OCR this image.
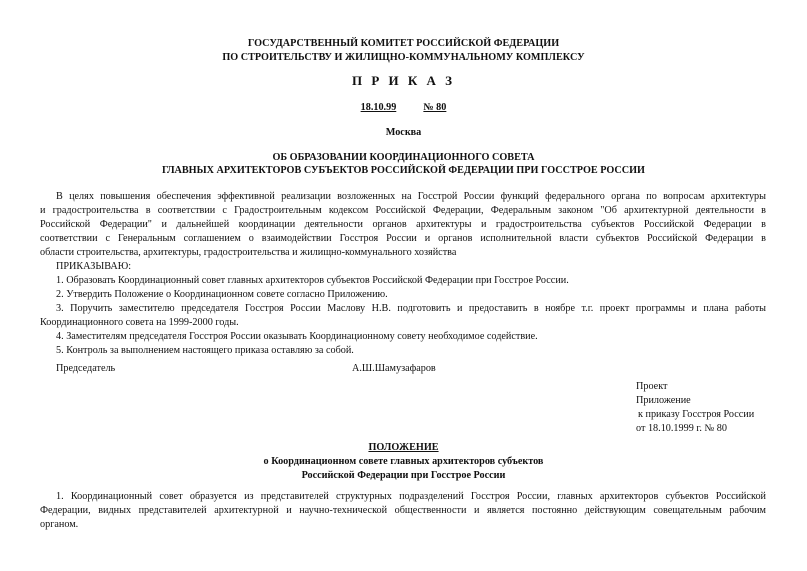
ГОСУДАРСТВЕННЫЙ КОМИТЕТ РОССИЙСКОЙ ФЕДЕРАЦИИ
ПО СТРОИТЕЛЬСТВУ И ЖИЛИЩНО-КОММУНАЛЬНОМУ КОМПЛЕКСУ
П Р И К А З
18.10.99	№ 80
Москва
ОБ ОБРАЗОВАНИИ КООРДИНАЦИОННОГО СОВЕТА
ГЛАВНЫХ АРХИТЕКТОРОВ СУБЪЕКТОВ РОССИЙСКОЙ ФЕДЕРАЦИИ ПРИ ГОССТРОЕ РОССИИ
В целях повышения обеспечения эффективной реализации возложенных на Госстрой России функций федерального органа по вопросам архитектуры
и градостроительства в соответствии с Градостроительным кодексом Российской Федерации, Федеральным законом "Об архитектурной деятельности в
Российской Федерации" и дальнейшей координации деятельности органов архитектуры и градостроительства субъектов Российской Федерации в
соответствии с Генеральным соглашением о взаимодействии Госстроя России и органов исполнительной власти субъектов Российской Федерации в
области строительства, архитектуры, градостроительства и жилищно-коммунального хозяйства
ПРИКАЗЫВАЮ:
1. Образовать Координационный совет главных архитекторов субъектов Российской Федерации при Госстрое России.
2. Утвердить Положение о Координационном совете согласно Приложению.
3. Поручить заместителю председателя Госстроя России Маслову Н.В. подготовить и предоставить в ноябре т.г. проект программы и плана работы
Координационного совета на 1999-2000 годы.
4. Заместителям председателя Госстроя России оказывать Координационному совету необходимое содействие.
5. Контроль за выполнением настоящего приказа оставляю за собой.
Председатель	А.Ш.Шамузафаров
Проект
Приложение
к приказу Госстроя России
от 18.10.1999 г. № 80
ПОЛОЖЕНИЕ
о Координационном совете главных архитекторов субъектов
Российской Федерации при Госстрое России
1. Координационный совет образуется из представителей структурных подразделений Госстроя России, главных архитекторов субъектов Российской
Федерации, видных представителей архитектурной и научно-технической общественности и является постоянно действующим совещательным рабочим
органом.
